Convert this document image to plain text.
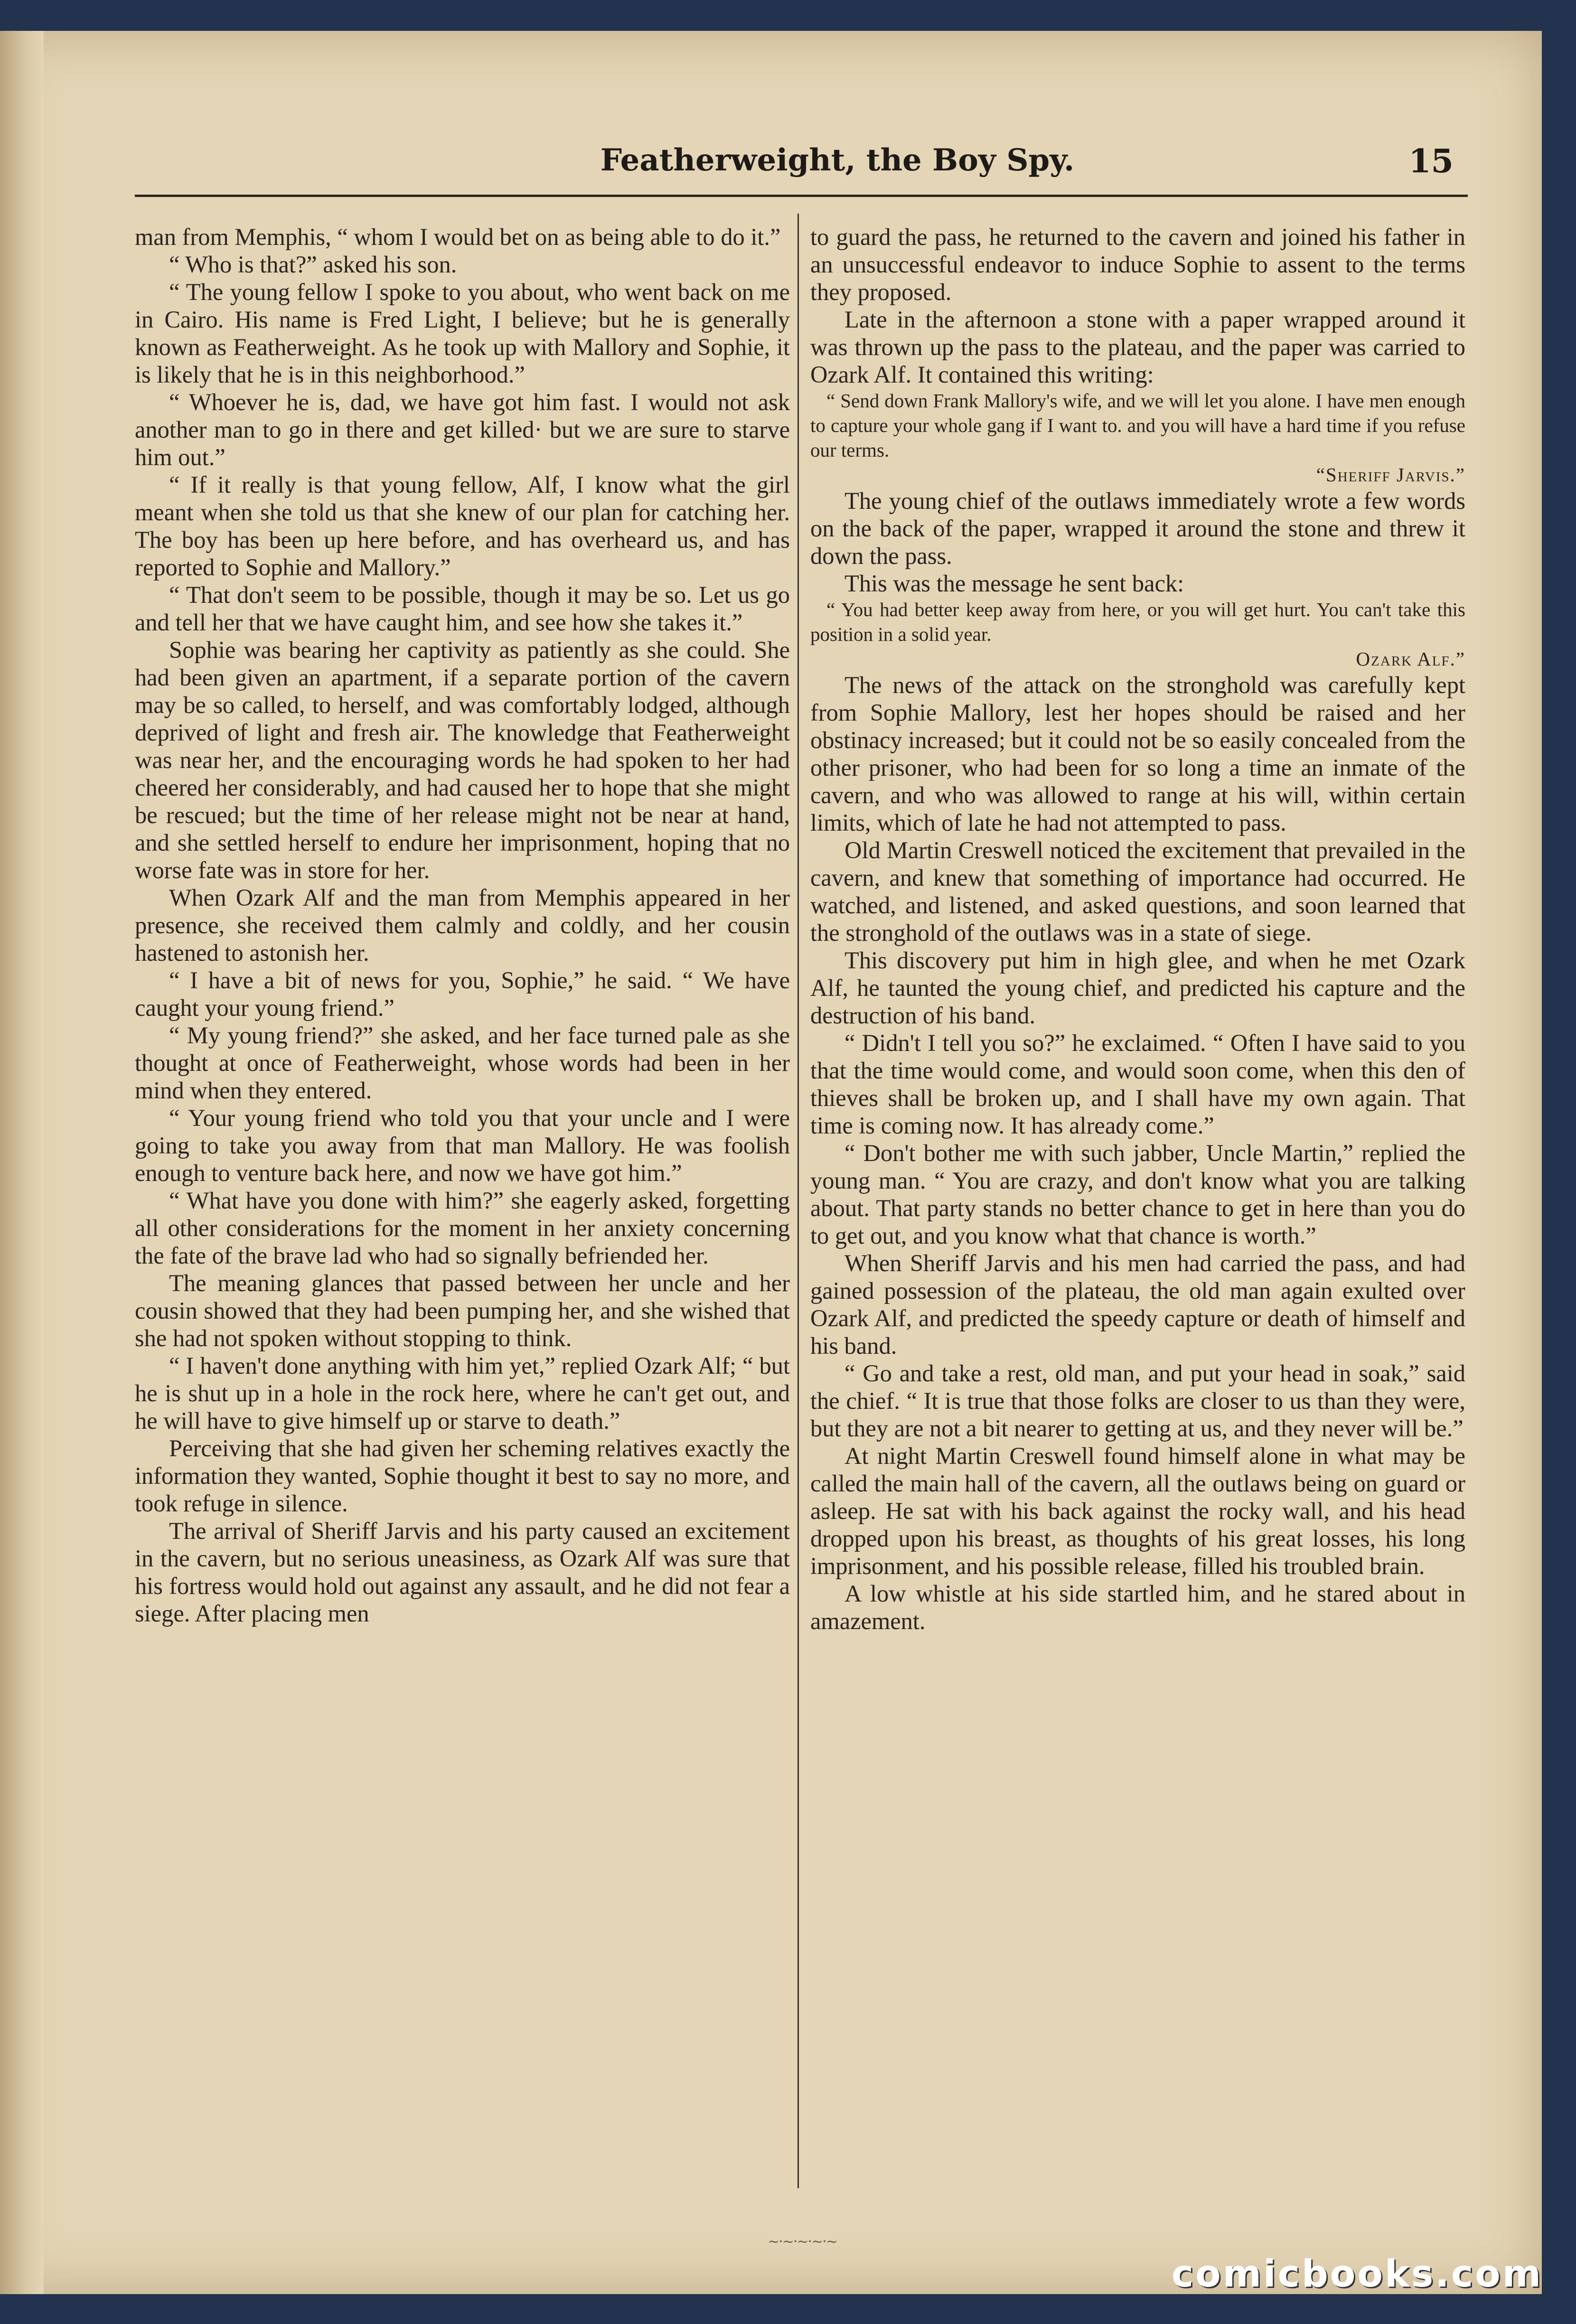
~·~·~·~·~
Featherweight, the Boy Spy.	15

man from Memphis, “ whom I would bet on as being able to do it.”

“ Who is that?” asked his son.

“ The young fellow I spoke to you about, who went back on me in Cairo. His name is Fred Light, I believe; but he is generally known as Featherweight. As he took up with Mallory and Sophie, it is likely that he is in this neighborhood.”

“ Whoever he is, dad, we have got him fast. I would not ask another man to go in there and get killed· but we are sure to starve him out.”

“ If it really is that young fellow, Alf, I know what the girl meant when she told us that she knew of our plan for catching her. The boy has been up here before, and has overheard us, and has reported to Sophie and Mallory.”

“ That don't seem to be possible, though it may be so. Let us go and tell her that we have caught him, and see how she takes it.”

Sophie was bearing her captivity as patiently as she could. She had been given an apartment, if a separate portion of the cavern may be so called, to herself, and was comfortably lodged, although deprived of light and fresh air. The knowledge that Featherweight was near her, and the encouraging words he had spoken to her had cheered her considerably, and had caused her to hope that she might be rescued; but the time of her release might not be near at hand, and she settled herself to endure her imprisonment, hoping that no worse fate was in store for her.

When Ozark Alf and the man from Memphis appeared in her presence, she received them calmly and coldly, and her cousin hastened to astonish her.

“ I have a bit of news for you, Sophie,” he said. “ We have caught your young friend.”

“ My young friend?” she asked, and her face turned pale as she thought at once of Featherweight, whose words had been in her mind when they entered.

“ Your young friend who told you that your uncle and I were going to take you away from that man Mallory. He was foolish enough to venture back here, and now we have got him.”

“ What have you done with him?” she eagerly asked, forgetting all other considerations for the moment in her anxiety concerning the fate of the brave lad who had so signally befriended her.

The meaning glances that passed between her uncle and her cousin showed that they had been pumping her, and she wished that she had not spoken without stopping to think.

“ I haven't done anything with him yet,” replied Ozark Alf; “ but he is shut up in a hole in the rock here, where he can't get out, and he will have to give himself up or starve to death.”

Perceiving that she had given her scheming relatives exactly the information they wanted, Sophie thought it best to say no more, and took refuge in silence.

The arrival of Sheriff Jarvis and his party caused an excitement in the cavern, but no serious uneasiness, as Ozark Alf was sure that his fortress would hold out against any assault, and he did not fear a siege. After placing men

to guard the pass, he returned to the cavern and joined his father in an unsuccessful endeavor to induce Sophie to assent to the terms they proposed.

Late in the afternoon a stone with a paper wrapped around it was thrown up the pass to the plateau, and the paper was carried to Ozark Alf. It contained this writing:

“ Send down Frank Mallory's wife, and we will let you alone. I have men enough to capture your whole gang if I want to. and you will have a hard time if you refuse our terms.

“Sheriff Jarvis.”

The young chief of the outlaws immediately wrote a few words on the back of the paper, wrapped it around the stone and threw it down the pass.

This was the message he sent back:

“ You had better keep away from here, or you will get hurt. You can't take this position in a solid year.

Ozark Alf.”

The news of the attack on the stronghold was carefully kept from Sophie Mallory, lest her hopes should be raised and her obstinacy increased; but it could not be so easily concealed from the other prisoner, who had been for so long a time an inmate of the cavern, and who was allowed to range at his will, within certain limits, which of late he had not attempted to pass.

Old Martin Creswell noticed the excitement that prevailed in the cavern, and knew that something of importance had occurred. He watched, and listened, and asked questions, and soon learned that the stronghold of the outlaws was in a state of siege.

This discovery put him in high glee, and when he met Ozark Alf, he taunted the young chief, and predicted his capture and the destruction of his band.

“ Didn't I tell you so?” he exclaimed. “ Often I have said to you that the time would come, and would soon come, when this den of thieves shall be broken up, and I shall have my own again. That time is coming now. It has already come.”

“ Don't bother me with such jabber, Uncle Martin,” replied the young man. “ You are crazy, and don't know what you are talking about. That party stands no better chance to get in here than you do to get out, and you know what that chance is worth.”

When Sheriff Jarvis and his men had carried the pass, and had gained possession of the plateau, the old man again exulted over Ozark Alf, and predicted the speedy capture or death of himself and his band.

“ Go and take a rest, old man, and put your head in soak,” said the chief. “ It is true that those folks are closer to us than they were, but they are not a bit nearer to getting at us, and they never will be.”

At night Martin Creswell found himself alone in what may be called the main hall of the cavern, all the outlaws being on guard or asleep. He sat with his back against the rocky wall, and his head dropped upon his breast, as thoughts of his great losses, his long imprisonment, and his possible release, filled his troubled brain.

A low whistle at his side startled him, and he stared about in amazement.

comicbooks.com
